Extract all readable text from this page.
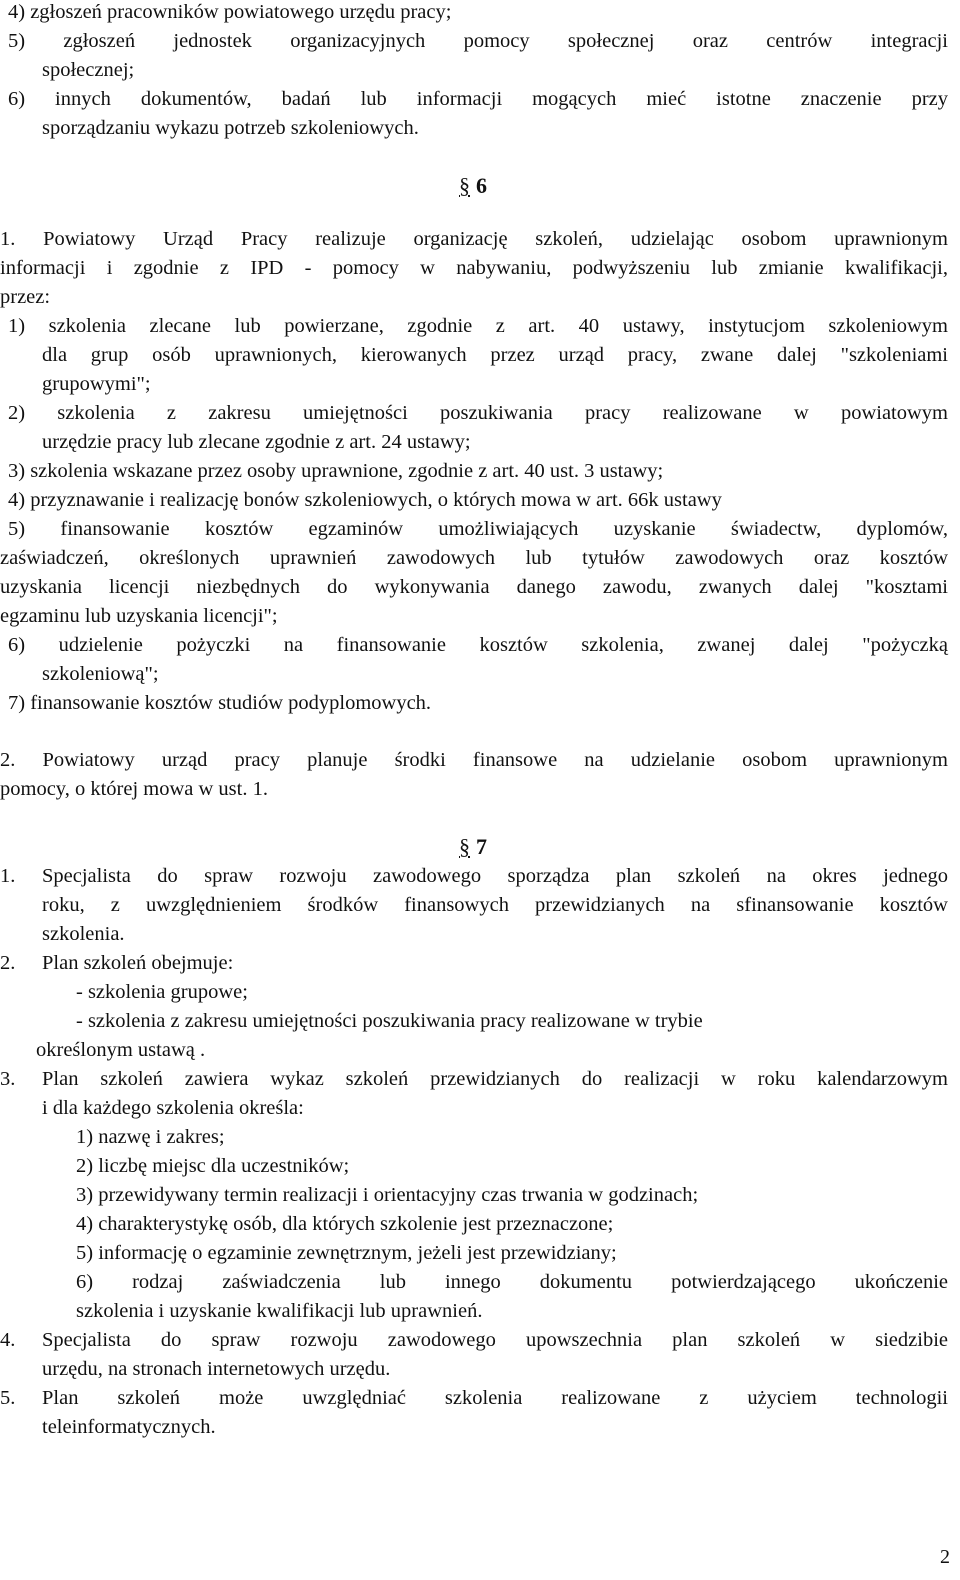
4) zgłoszeń pracowników powiatowego urzędu pracy;
5) zgłoszeń jednostek organizacyjnych pomocy społecznej oraz centrów integracji
społecznej;
6) innych dokumentów, badań lub informacji mogących mieć istotne znaczenie przy
sporządzaniu wykazu potrzeb szkoleniowych.
§ 6
1. Powiatowy Urząd Pracy realizuje organizację szkoleń, udzielając osobom uprawnionym
informacji i zgodnie z IPD - pomocy w nabywaniu, podwyższeniu lub zmianie kwalifikacji,
przez:
1) szkolenia zlecane lub powierzane, zgodnie z art. 40 ustawy, instytucjom szkoleniowym
dla grup osób uprawnionych, kierowanych przez urząd pracy, zwane dalej "szkoleniami
grupowymi";
2) szkolenia z zakresu umiejętności poszukiwania pracy realizowane w powiatowym
urzędzie pracy lub zlecane zgodnie z art. 24 ustawy;
3) szkolenia wskazane przez osoby uprawnione, zgodnie z art. 40 ust. 3 ustawy;
4) przyznawanie i realizację bonów szkoleniowych, o których mowa w art. 66k ustawy
5) finansowanie kosztów egzaminów umożliwiających uzyskanie świadectw, dyplomów,
zaświadczeń, określonych uprawnień zawodowych lub tytułów zawodowych oraz kosztów
uzyskania licencji niezbędnych do wykonywania danego zawodu, zwanych dalej "kosztami
egzaminu lub uzyskania licencji";
6) udzielenie pożyczki na finansowanie kosztów szkolenia, zwanej dalej "pożyczką
szkoleniową";
7) finansowanie kosztów studiów podyplomowych.
2. Powiatowy urząd pracy planuje środki finansowe na udzielanie osobom uprawnionym
pomocy, o której mowa w ust. 1.
§ 7
1. Specjalista do spraw rozwoju zawodowego sporządza plan szkoleń na okres jednego
roku, z uwzględnieniem środków finansowych przewidzianych na sfinansowanie kosztów
szkolenia.
2. Plan szkoleń obejmuje:
- szkolenia grupowe;
- szkolenia z zakresu umiejętności poszukiwania pracy realizowane w trybie
określonym ustawą .
3. Plan szkoleń zawiera wykaz szkoleń przewidzianych do realizacji w roku kalendarzowym
i dla każdego szkolenia określa:
1) nazwę i zakres;
2) liczbę miejsc dla uczestników;
3) przewidywany termin realizacji i orientacyjny czas trwania w godzinach;
4) charakterystykę osób, dla których szkolenie jest przeznaczone;
5) informację o egzaminie zewnętrznym, jeżeli jest przewidziany;
6) rodzaj zaświadczenia lub innego dokumentu potwierdzającego ukończenie
szkolenia i uzyskanie kwalifikacji lub uprawnień.
4. Specjalista do spraw rozwoju zawodowego upowszechnia plan szkoleń w siedzibie
urzędu, na stronach internetowych urzędu.
5. Plan szkoleń może uwzględniać szkolenia realizowane z użyciem technologii
teleinformatycznych.
2
